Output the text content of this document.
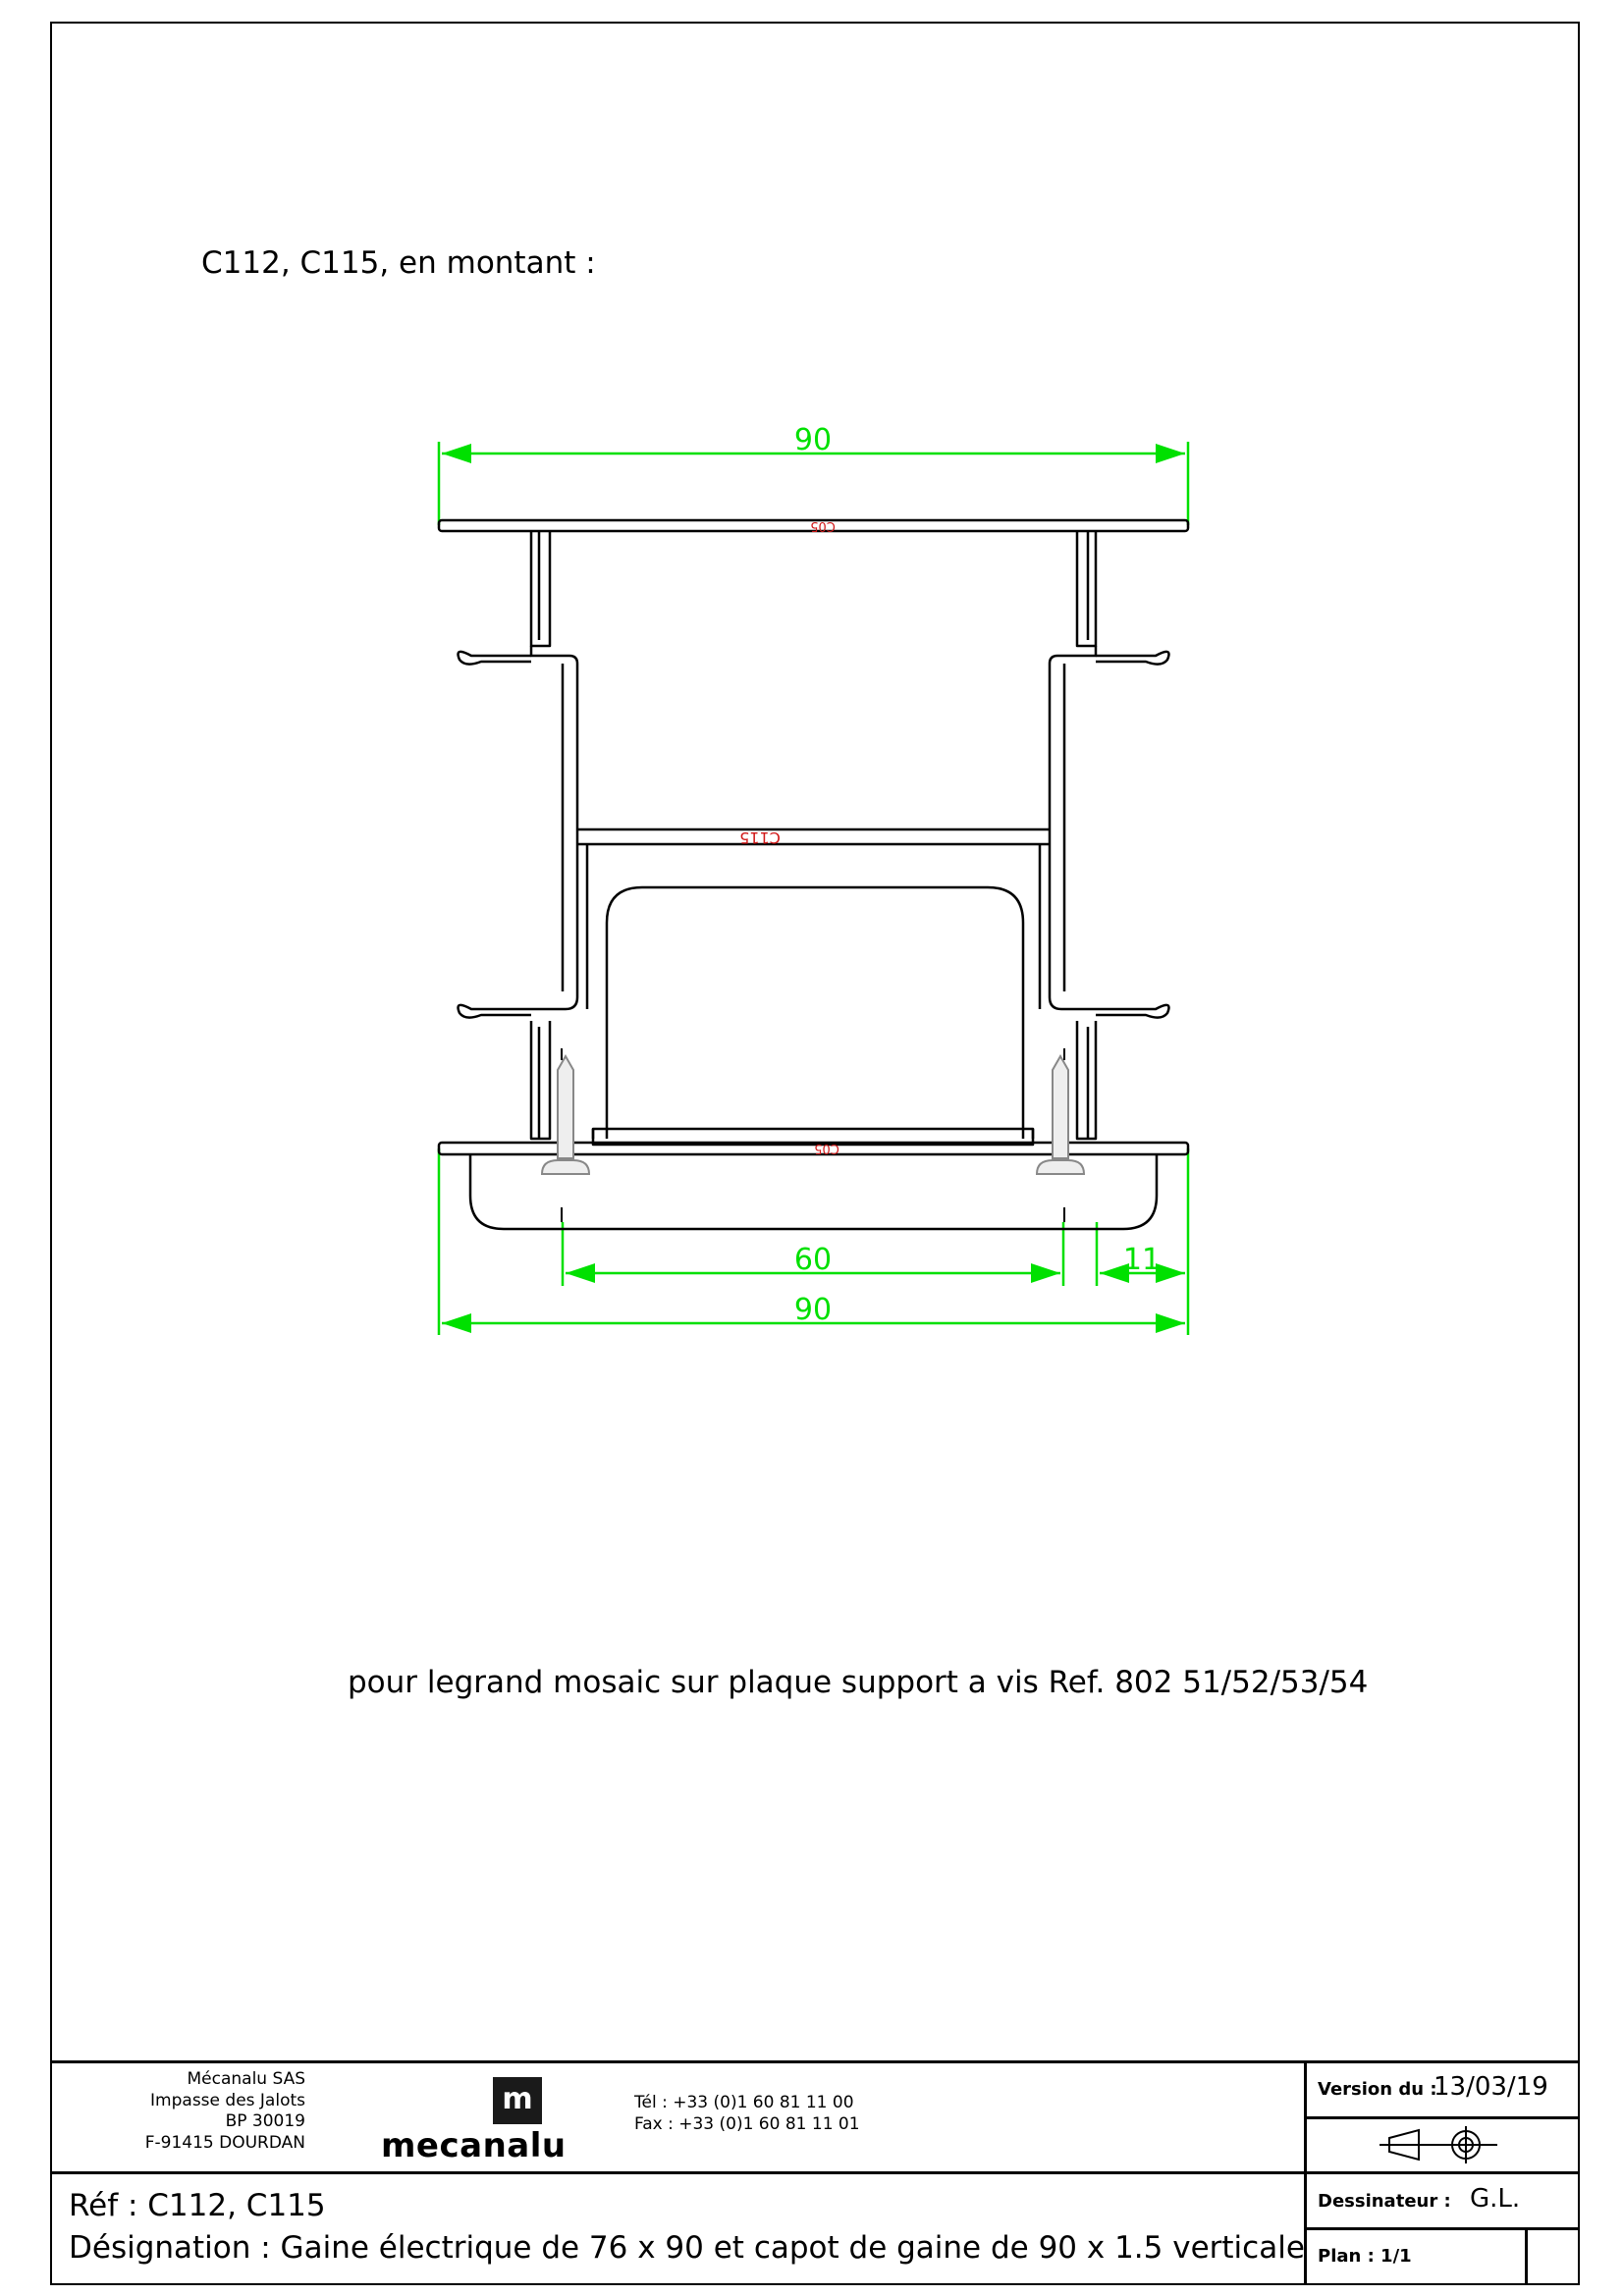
C112, C115, en montant :
90
60	11
90
C05
C115
C05
pour legrand mosaic sur plaque support a vis Ref. 802 51/52/53/54
Mécanalu SAS
Impasse des Jalots
BP 30019
F-91415 DOURDAN
m
mecanalu
Tél : +33 (0)1 60 81 11 00
Fax : +33 (0)1 60 81 11 01
Réf : C112, C115
Désignation : Gaine électrique de 76 x 90 et capot de gaine de 90 x 1.5 verticale
Version du :
13/03/19
Dessinateur : G.L.
Plan : 1/1
